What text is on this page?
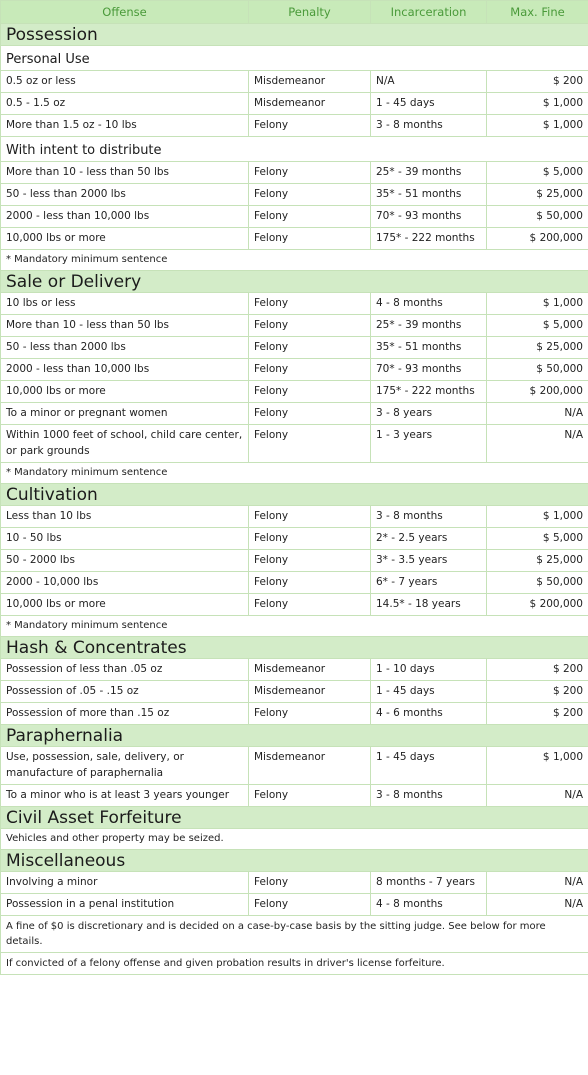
Offense	Penalty	Incarceration	Max. Fine
Possession			
Personal Use			
0.5 oz or less	Misdemeanor	N/A	$ 200
0.5 - 1.5 oz	Misdemeanor	1 - 45 days	$ 1,000
More than 1.5 oz - 10 lbs	Felony	3 - 8 months	$ 1,000
With intent to distribute			
More than 10 - less than 50 lbs	Felony	25* - 39 months	$ 5,000
50 - less than 2000 lbs	Felony	35* - 51 months	$ 25,000
2000 - less than 10,000 lbs	Felony	70* - 93 months	$ 50,000
10,000 lbs or more	Felony	175* - 222 months	$ 200,000
* Mandatory minimum sentence			
Sale or Delivery			
10 lbs or less	Felony	4 - 8 months	$ 1,000
More than 10 - less than 50 lbs	Felony	25* - 39 months	$ 5,000
50 - less than 2000 lbs	Felony	35* - 51 months	$ 25,000
2000 - less than 10,000 lbs	Felony	70* - 93 months	$ 50,000
10,000 lbs or more	Felony	175* - 222 months	$ 200,000
To a minor or pregnant women	Felony	3 - 8 years	N/A
Within 1000 feet of school, child care center, or park grounds	Felony	1 - 3 years	N/A
* Mandatory minimum sentence			
Cultivation			
Less than 10 lbs	Felony	3 - 8 months	$ 1,000
10 - 50 lbs	Felony	2* - 2.5 years	$ 5,000
50 - 2000 lbs	Felony	3* - 3.5 years	$ 25,000
2000 - 10,000 lbs	Felony	6* - 7 years	$ 50,000
10,000 lbs or more	Felony	14.5* - 18 years	$ 200,000
* Mandatory minimum sentence			
Hash & Concentrates			
Possession of less than .05 oz	Misdemeanor	1 - 10 days	$ 200
Possession of .05 - .15 oz	Misdemeanor	1 - 45 days	$ 200
Possession of more than .15 oz	Felony	4 - 6 months	$ 200
Paraphernalia			
Use, possession, sale, delivery, or manufacture of paraphernalia	Misdemeanor	1 - 45 days	$ 1,000
To a minor who is at least 3 years younger	Felony	3 - 8 months	N/A
Civil Asset Forfeiture			
Vehicles and other property may be seized.			
Miscellaneous			
Involving a minor	Felony	8 months - 7 years	N/A
Possession in a penal institution	Felony	4 - 8 months	N/A
A fine of $0 is discretionary and is decided on a case-by-case basis by the sitting judge. See below for more details.			
If convicted of a felony offense and given probation results in driver's license forfeiture.			
